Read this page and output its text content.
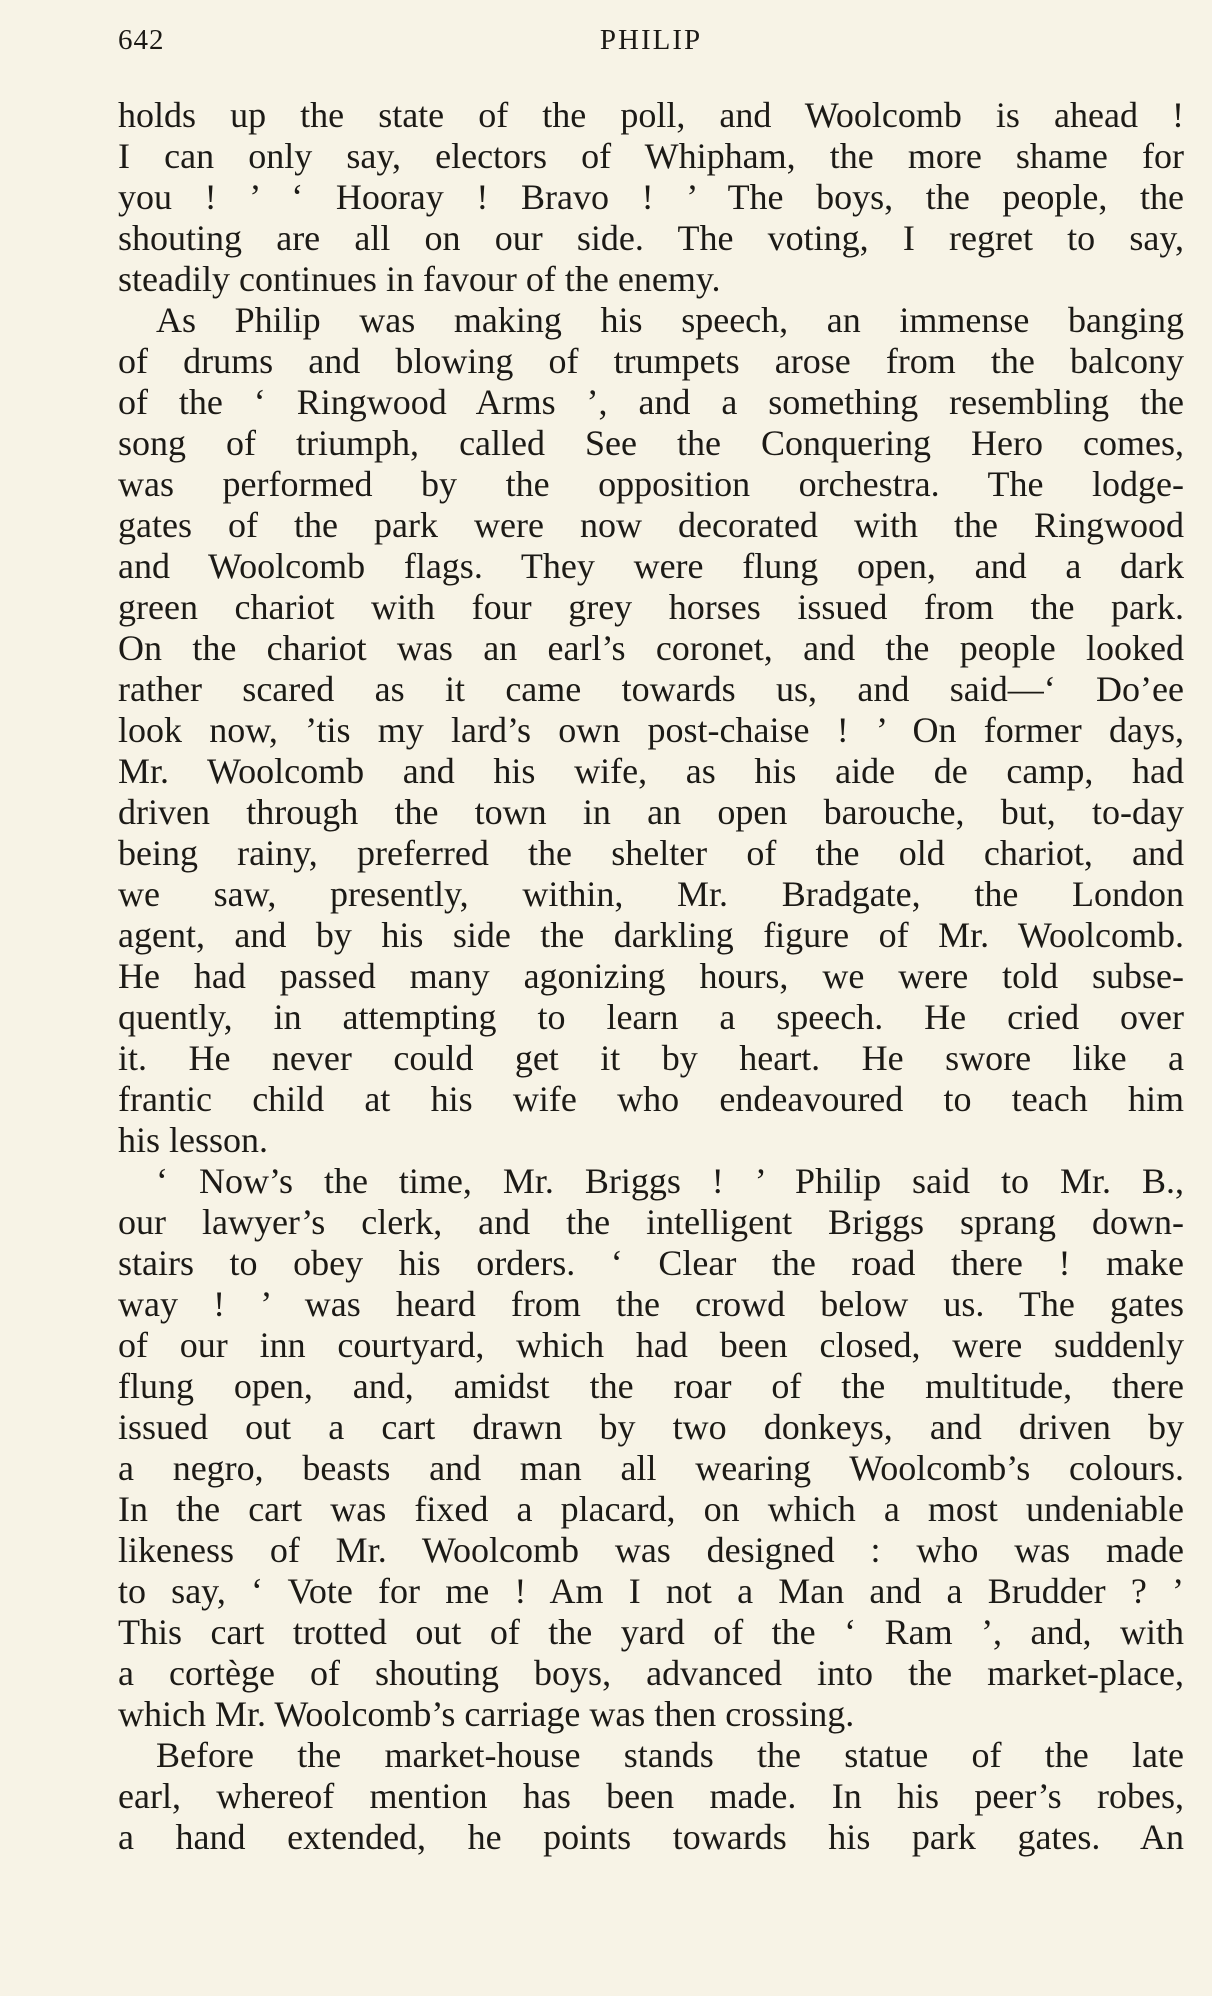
642	PHILIP
holds up the state of the poll, and Woolcomb is ahead !
I can only say, electors of Whipham, the more shame for
you ! ’ ‘ Hooray ! Bravo ! ’ The boys, the people, the
shouting are all on our side. The voting, I regret to say,
steadily continues in favour of the enemy.
As Philip was making his speech, an immense banging
of drums and blowing of trumpets arose from the balcony
of the ‘ Ringwood Arms ’, and a something resembling the
song of triumph, called See the Conquering Hero comes,
was performed by the opposition orchestra. The lodge-
gates of the park were now decorated with the Ringwood
and Woolcomb flags. They were flung open, and a dark
green chariot with four grey horses issued from the park.
On the chariot was an earl’s coronet, and the people looked
rather scared as it came towards us, and said—‘ Do’ee
look now, ’tis my lard’s own post-chaise ! ’ On former days,
Mr. Woolcomb and his wife, as his aide de camp, had
driven through the town in an open barouche, but, to-day
being rainy, preferred the shelter of the old chariot, and
we saw, presently, within, Mr. Bradgate, the London
agent, and by his side the darkling figure of Mr. Woolcomb.
He had passed many agonizing hours, we were told subse-
quently, in attempting to learn a speech. He cried over
it. He never could get it by heart. He swore like a
frantic child at his wife who endeavoured to teach him
his lesson.
‘ Now’s the time, Mr. Briggs ! ’ Philip said to Mr. B.,
our lawyer’s clerk, and the intelligent Briggs sprang down-
stairs to obey his orders. ‘ Clear the road there ! make
way ! ’ was heard from the crowd below us. The gates
of our inn courtyard, which had been closed, were suddenly
flung open, and, amidst the roar of the multitude, there
issued out a cart drawn by two donkeys, and driven by
a negro, beasts and man all wearing Woolcomb’s colours.
In the cart was fixed a placard, on which a most undeniable
likeness of Mr. Woolcomb was designed : who was made
to say, ‘ Vote for me ! Am I not a Man and a Brudder ? ’
This cart trotted out of the yard of the ‘ Ram ’, and, with
a cortège of shouting boys, advanced into the market-place,
which Mr. Woolcomb’s carriage was then crossing.
Before the market-house stands the statue of the late
earl, whereof mention has been made. In his peer’s robes,
a hand extended, he points towards his park gates. An
